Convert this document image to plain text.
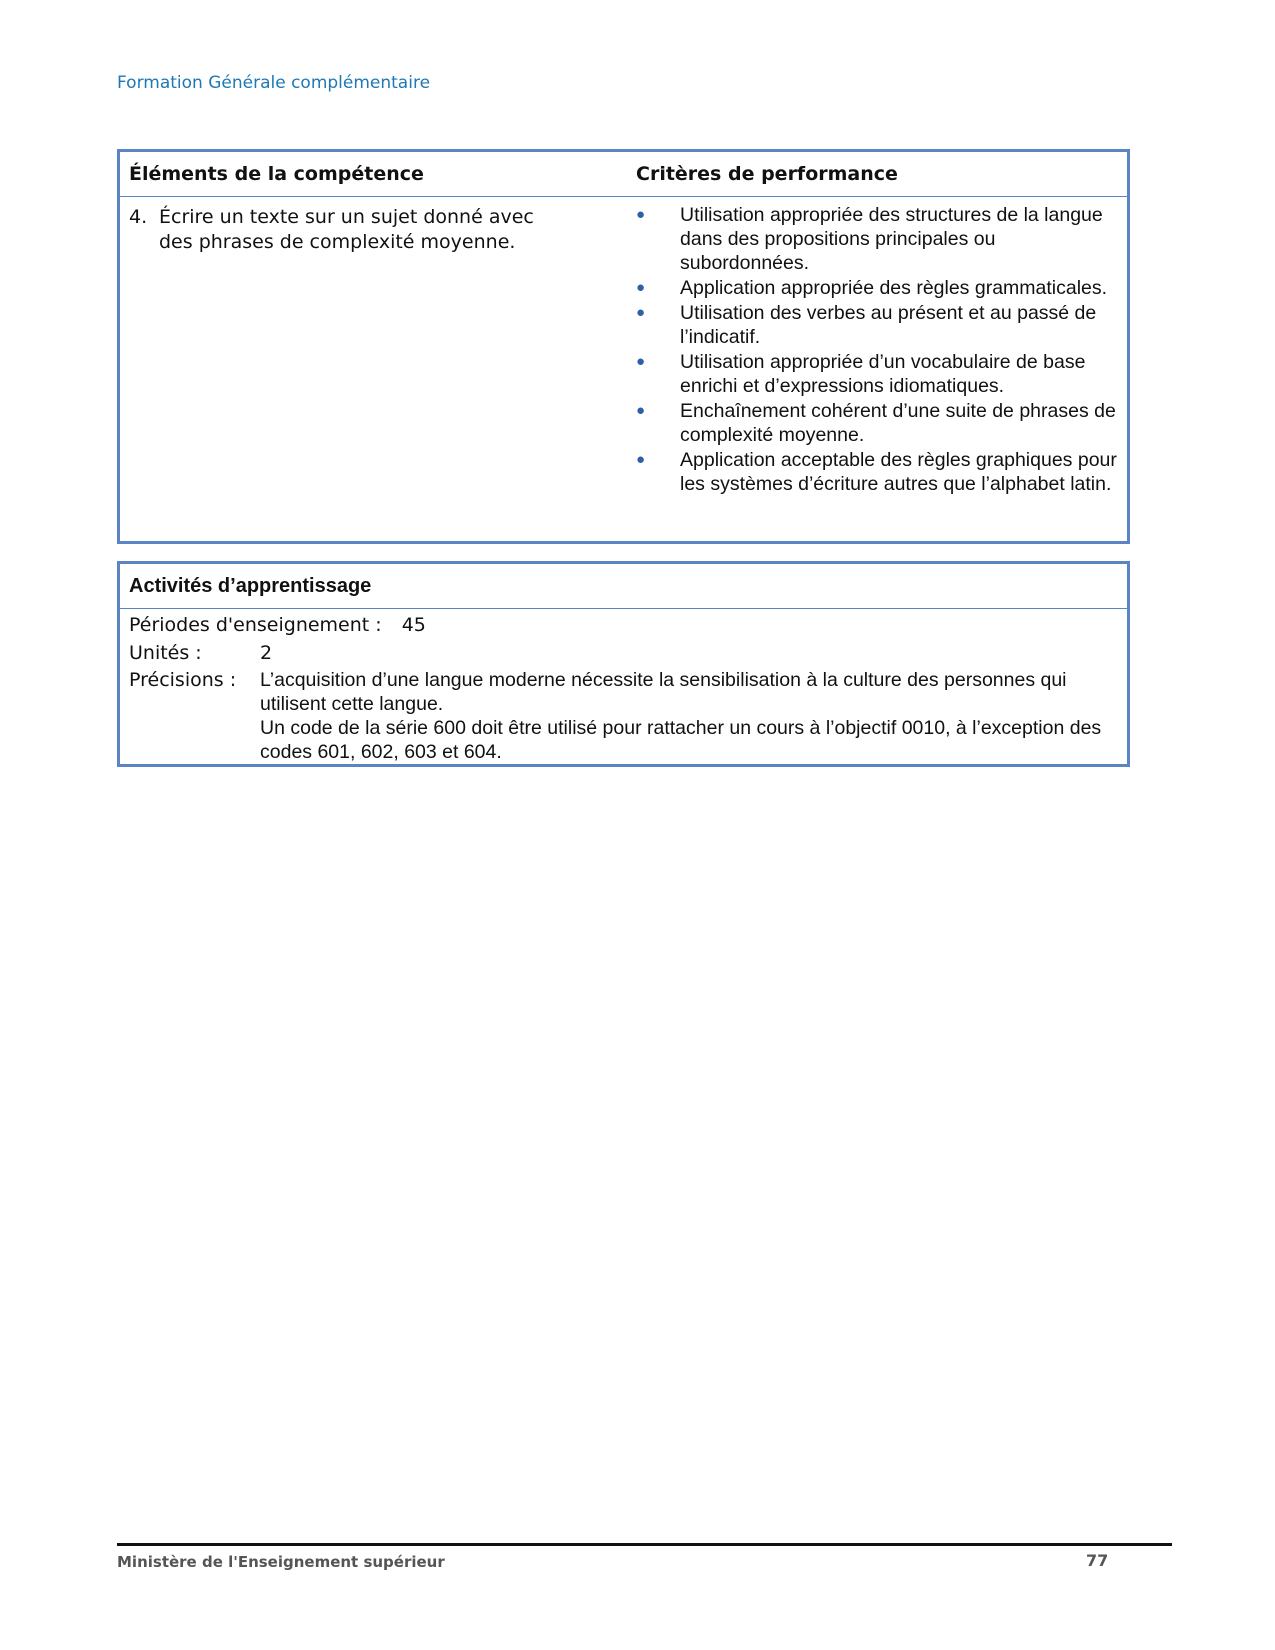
Formation Générale complémentaire
Éléments de la compétence	Critères de performance
4. Écrire un texte sur un sujet donné avec des phrases de complexité moyenne.
●	Utilisation appropriée des structures de la langue dans des propositions principales ou subordonnées.
●	Application appropriée des règles grammaticales.
●	Utilisation des verbes au présent et au passé de l’indicatif.
●	Utilisation appropriée d’un vocabulaire de base enrichi et d’expressions idiomatiques.
●	Enchaînement cohérent d’une suite de phrases de complexité moyenne.
●	Application acceptable des règles graphiques pour les systèmes d’écriture autres que l’alphabet latin.
Activités d’apprentissage
Périodes d'enseignement : 45
Unités :	2
Précisions :	L’acquisition d’une langue moderne nécessite la sensibilisation à la culture des personnes qui utilisent cette langue.
Un code de la série 600 doit être utilisé pour rattacher un cours à l’objectif 0010, à l’exception des codes 601, 602, 603 et 604.
Ministère de l'Enseignement supérieur	77
